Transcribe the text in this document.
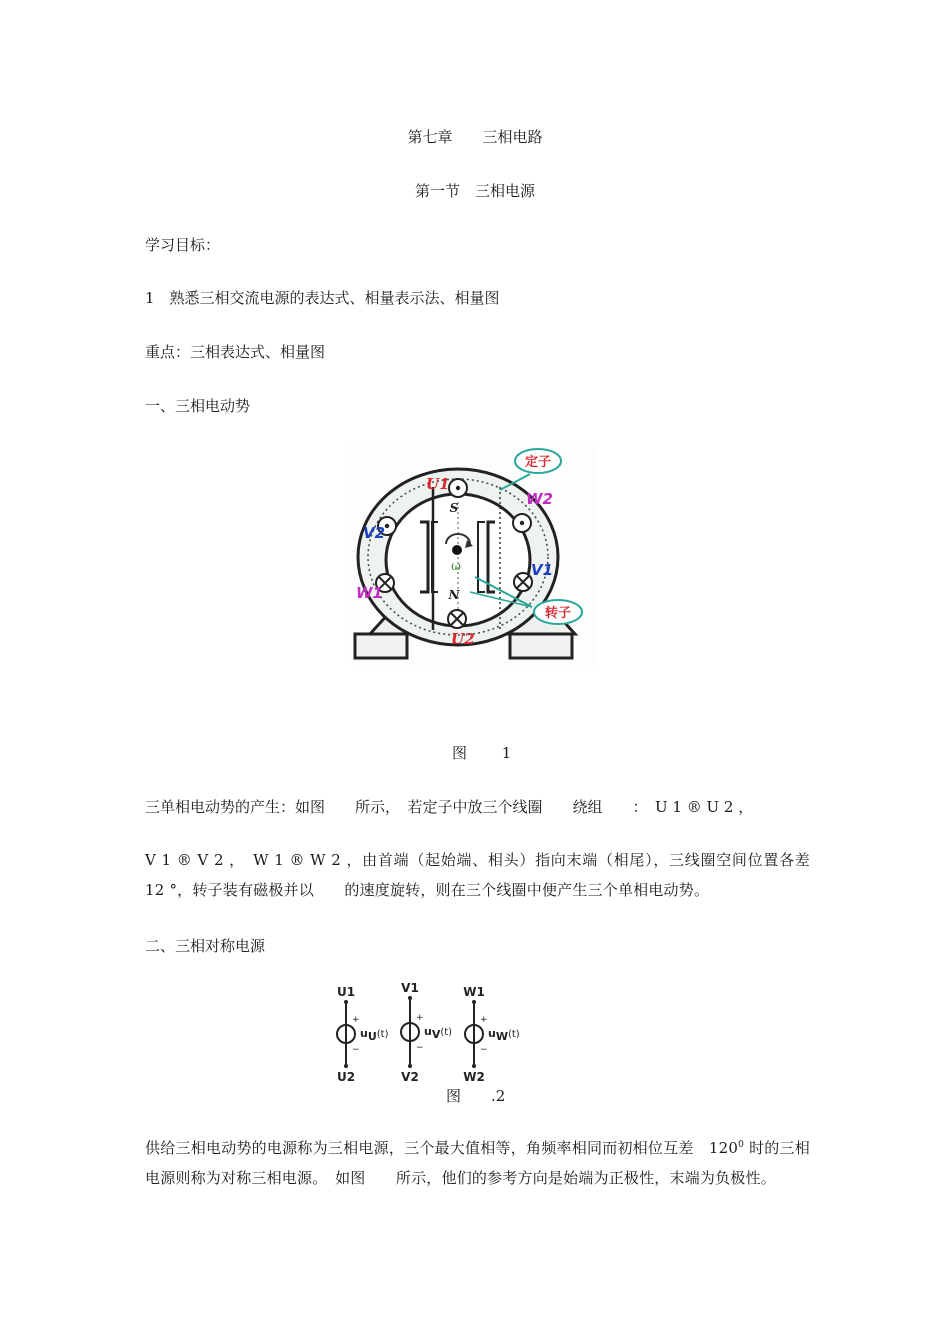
第七章　　三相电路
第一节　三相电源
学习目标：
1　熟悉三相交流电源的表达式、相量表示法、相量图
重点：三相表达式、相量图
一、三相电动势
ω
S
N
U1
U2
V2
V1
W1
W2
定子
转子
图　　 1
三单相电动势的产生：如图　　所示，　若定子中放三个线圈　　绕组　　：　U 1 ® U 2 ，
V 1 ® V 2 ，　W 1 ® W 2 ，由首端（起始端、相头）指向末端（相尾），三线圈空间位置各差　12 °，转子装有磁极并以　　的速度旋转，则在三个线圈中便产生三个单相电动势。
二、三相对称电源
U1
+
−
uU(t)
U2
V1
+
−
uV(t)
V2
W1
+
−
uW(t)
W2
图　　.2
供给三相电动势的电源称为三相电源，三个最大值相等，角频率相同而初相位互差　$120^0$ 时的三相电源则称为对称三相电源。　如图　　所示，他们的参考方向是始端为正极性，末端为负极性。
